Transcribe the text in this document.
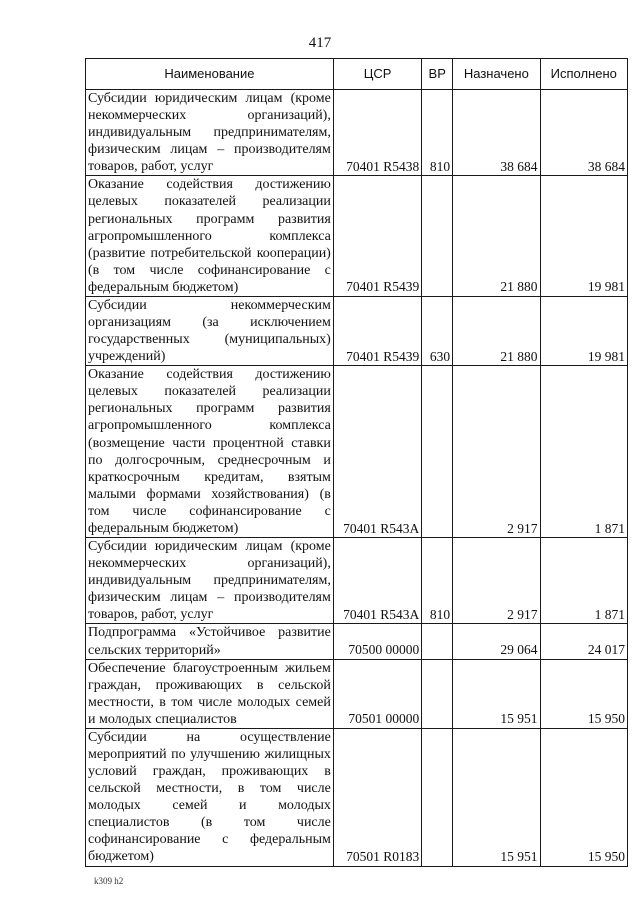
417
Наименование	ЦСР	ВР	Назначено	Исполнено
Субсидии юридическим лицам (кроме некоммерческих организаций), индивидуальным предпринимателям, физическим лицам – производителям товаров, работ, услуг	70401 R5438	810	38 684	38 684
Оказание содействия достижению целевых показателей реализации региональных программ развития агропромышленного комплекса (развитие потребительской кооперации) (в том числе софинансирование с федеральным бюджетом)	70401 R5439		21 880	19 981
Субсидии некоммерческим организациям (за исключением государственных (муниципальных) учреждений)	70401 R5439	630	21 880	19 981
Оказание содействия достижению целевых показателей реализации региональных программ развития агропромышленного комплекса (возмещение части процентной ставки по долгосрочным, среднесрочным и краткосрочным кредитам, взятым малыми формами хозяйствования) (в том числе софинансирование с федеральным бюджетом)	70401 R543A		2 917	1 871
Субсидии юридическим лицам (кроме некоммерческих организаций), индивидуальным предпринимателям, физическим лицам – производителям товаров, работ, услуг	70401 R543A	810	2 917	1 871
Подпрограмма «Устойчивое развитие сельских территорий»	70500 00000		29 064	24 017
Обеспечение благоустроенным жильем граждан, проживающих в сельской местности, в том числе молодых семей и молодых специалистов	70501 00000		15 951	15 950
Субсидии на осуществление мероприятий по улучшению жилищных условий граждан, проживающих в сельской местности, в том числе молодых семей и молодых специалистов (в том числе софинансирование с федеральным бюджетом)	70501 R0183		15 951	15 950
k309 h2
